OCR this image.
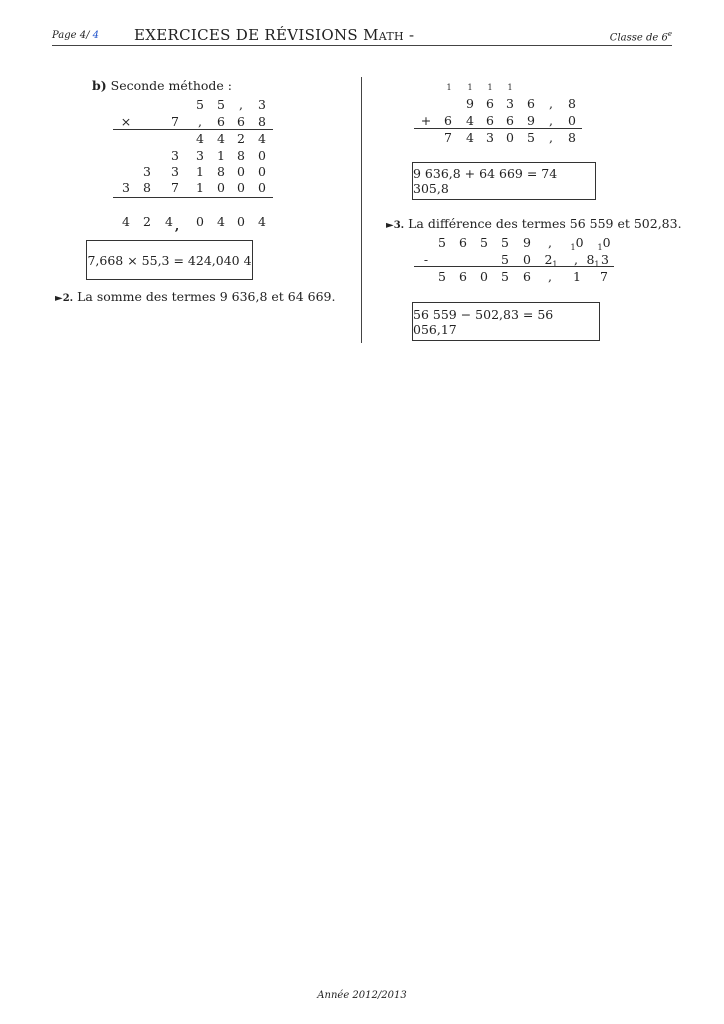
Page 4/ 4 EXERCICES DE RÉVISIONS Math -	Classe de 6e
b) Seconde méthode :
5 5	,	3
×	7	,	6 6 8
4 4 2 4
3 3 1 8 0
3 3 1 8 0 0
3 8 7 1 0 0 0
4 2 4 ,	0 4 0 4
7,668 × 55,3 = 424,040 4
►2. La somme des termes 9 636,8 et 64 669.
1	1	1	1
9 6 3 6	,	8
+ 6 4 6 6 9	,	0
7 4 3 0 5	,	8
9 636,8 + 64 669 = 74 305,8
►3. La différence des termes 56 559 et 502,83.
5 6 5 5 9	,	10	10
-	5 0	21	, 81 3
5 6 0 5 6	,	1 7
56 559 − 502,83 = 56 056,17
Année 2012/2013
